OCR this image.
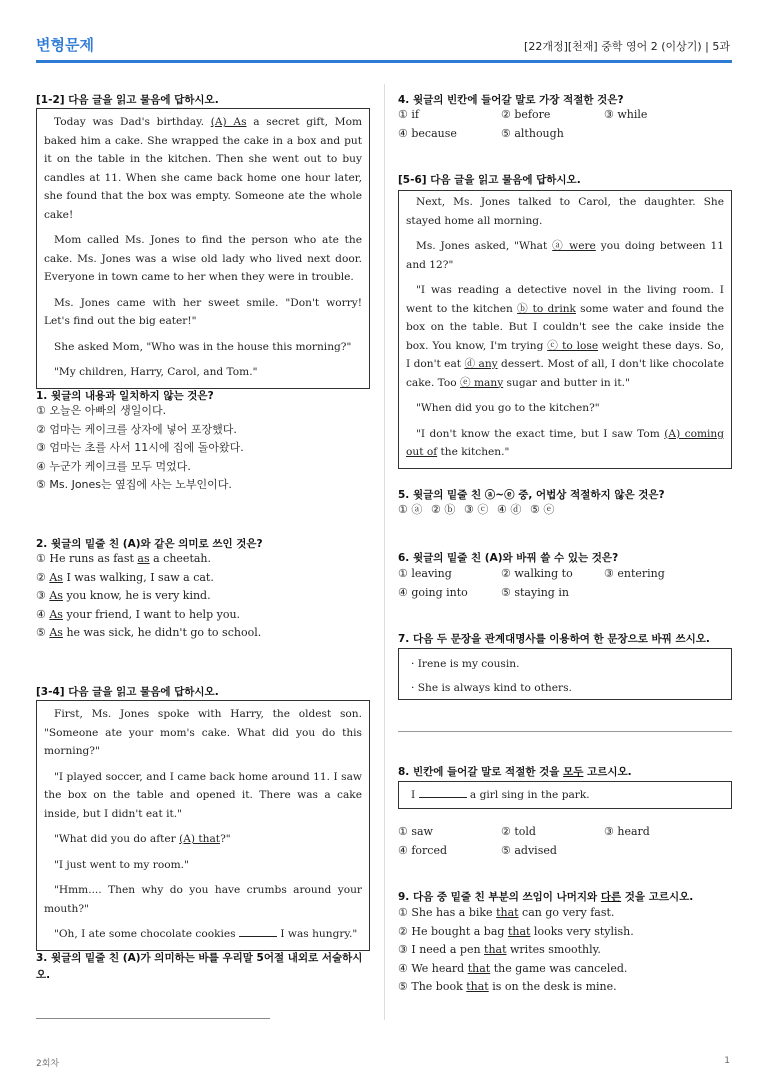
변형문제	[22개정][천재] 중학 영어 2 (이상기) | 5과
[1-2] 다음 글을 읽고 물음에 답하시오.

Today was Dad's birthday. (A) As a secret gift, Mom baked him a cake. She wrapped the cake in a box and put it on the table in the kitchen. Then she went out to buy candles at 11. When she came back home one hour later, she found that the box was empty. Someone ate the whole cake!

Mom called Ms. Jones to find the person who ate the cake. Ms. Jones was a wise old lady who lived next door. Everyone in town came to her when they were in trouble.

Ms. Jones came with her sweet smile. "Don't worry! Let's find out the big eater!"

She asked Mom, "Who was in the house this morning?"

"My children, Harry, Carol, and Tom."

1. 윗글의 내용과 일치하지 않는 것은?
① 오늘은 아빠의 생일이다.
② 엄마는 케이크를 상자에 넣어 포장했다.
③ 엄마는 초를 사서 11시에 집에 돌아왔다.
④ 누군가 케이크를 모두 먹었다.
⑤ Ms. Jones는 옆집에 사는 노부인이다.
2. 윗글의 밑줄 친 (A)와 같은 의미로 쓰인 것은?
① He runs as fast as a cheetah.
② As I was walking, I saw a cat.
③ As you know, he is very kind.
④ As your friend, I want to help you.
⑤ As he was sick, he didn't go to school.
[3-4] 다음 글을 읽고 물음에 답하시오.

First, Ms. Jones spoke with Harry, the oldest son. "Someone ate your mom's cake. What did you do this morning?"

"I played soccer, and I came back home around 11. I saw the box on the table and opened it. There was a cake inside, but I didn't eat it."

"What did you do after (A) that?"

"I just went to my room."

"Hmm.... Then why do you have crumbs around your mouth?"

"Oh, I ate some chocolate cookies	I was hungry."

3. 윗글의 밑줄 친 (A)가 의미하는 바를 우리말 5어절 내외로 서술하시오.
4. 윗글의 빈칸에 들어갈 말로 가장 적절한 것은?
① if	② before	③ while
④ because	⑤ although
[5-6] 다음 글을 읽고 물음에 답하시오.

Next, Ms. Jones talked to Carol, the daughter. She stayed home all morning.

Ms. Jones asked, "What ⓐ were you doing between 11 and 12?"

"I was reading a detective novel in the living room. I went to the kitchen ⓑ to drink some water and found the box on the table. But I couldn't see the cake inside the box. You know, I'm trying ⓒ to lose weight these days. So, I don't eat ⓓ any dessert. Most of all, I don't like chocolate cake. Too ⓔ many sugar and butter in it."

"When did you go to the kitchen?"

"I don't know the exact time, but I saw Tom (A) coming out of the kitchen."

5. 윗글의 밑줄 친 ⓐ~ⓔ 중, 어법상 적절하지 않은 것은?
① ⓐ ② ⓑ ③ ⓒ ④ ⓓ ⑤ ⓔ
6. 윗글의 밑줄 친 (A)와 바꿔 쓸 수 있는 것은?
① leaving	② walking to	③ entering
④ going into	⑤ staying in
7. 다음 두 문장을 관계대명사를 이용하여 한 문장으로 바꿔 쓰시오.
· Irene is my cousin.
· She is always kind to others.
8. 빈칸에 들어갈 말로 적절한 것을 모두 고르시오.
I	a girl sing in the park.
① saw	② told	③ heard
④ forced	⑤ advised
9. 다음 중 밑줄 친 부분의 쓰임이 나머지와 다른 것을 고르시오.
① She has a bike that can go very fast.
② He bought a bag that looks very stylish.
③ I need a pen that writes smoothly.
④ We heard that the game was canceled.
⑤ The book that is on the desk is mine.
2회차	1
